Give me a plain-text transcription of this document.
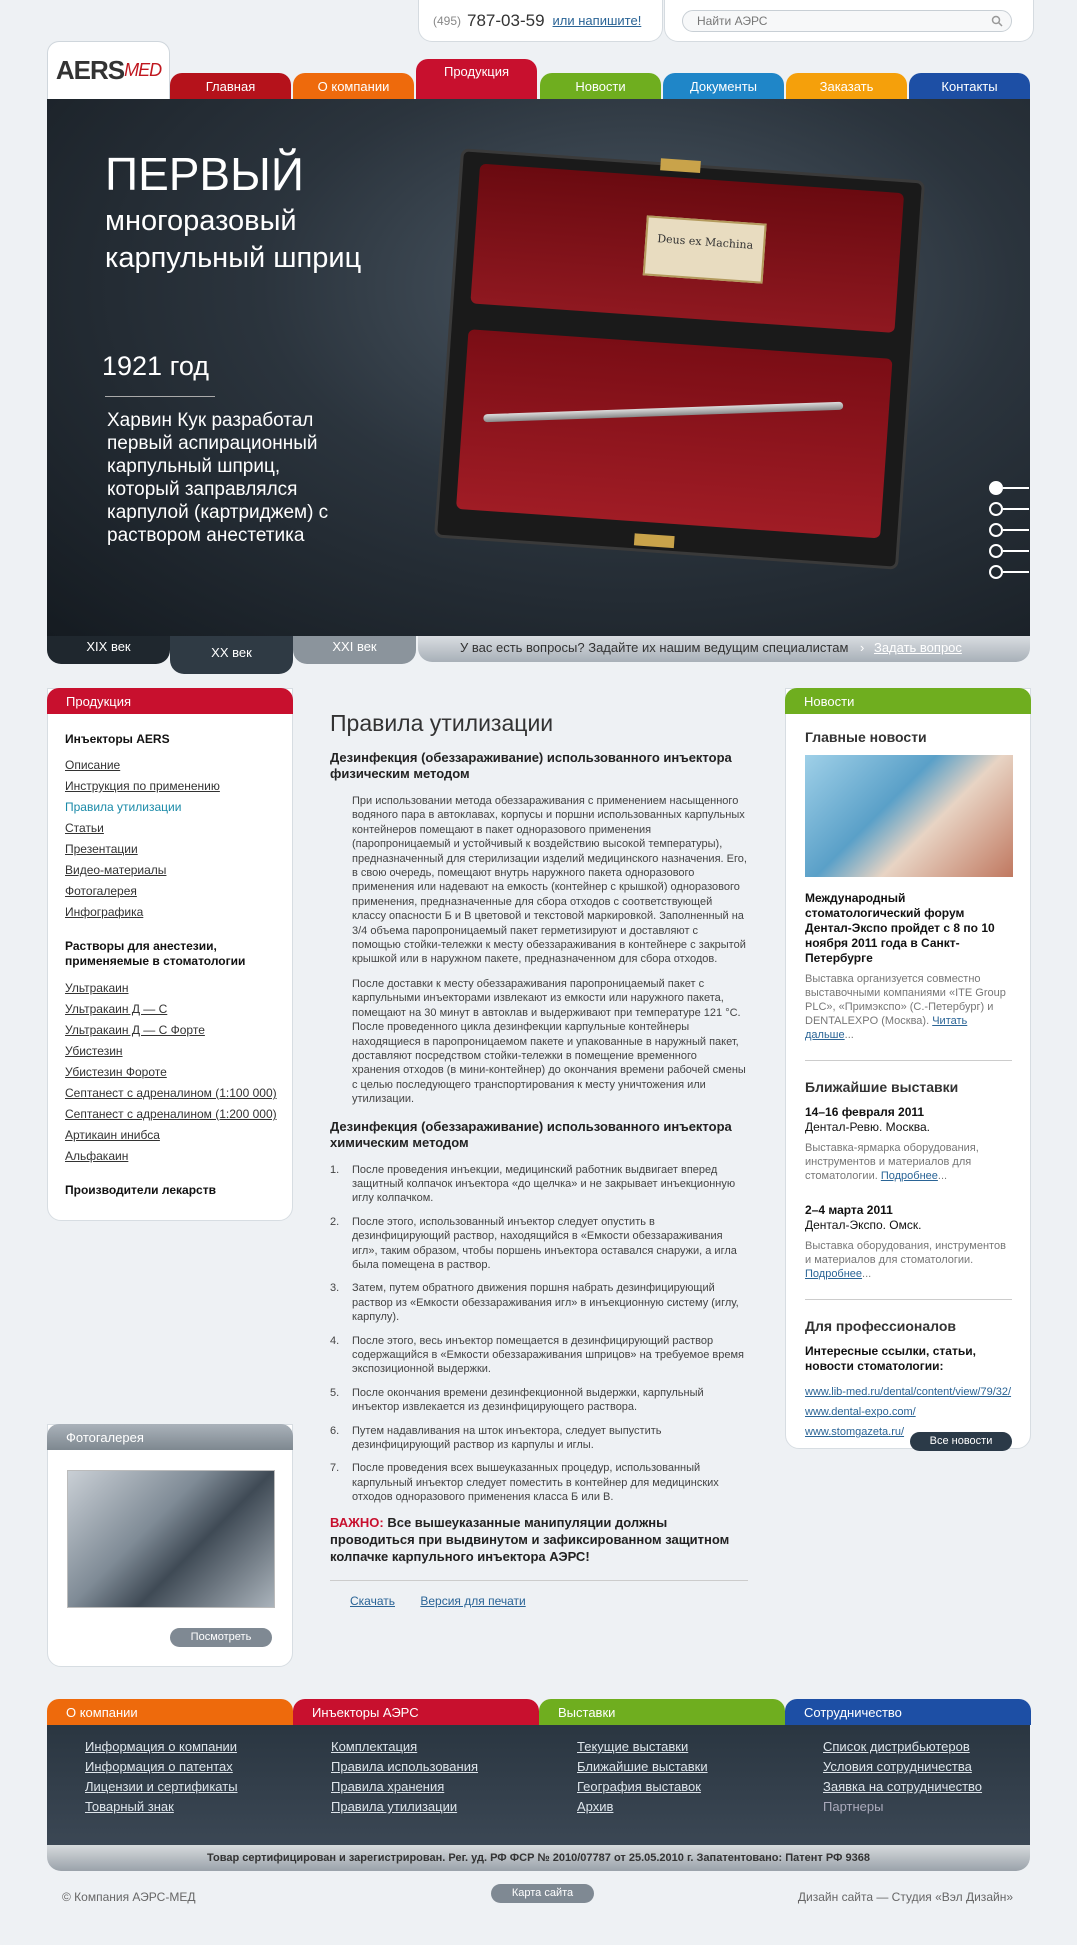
(495) 787-03-59 или напишите!	Найти АЭРС
AERS MED
Главная	О компании
Продукция
Новости	Документы	Заказать	Контакты
ПЕРВЫЙ
многоразовый карпульный шприц
1921 год
Харвин Кук разработал первый аспирационный карпульный шприц, который заправлялся карпулой (картриджем) с раствором анестетика
Deus ex Machina
XIX век	XX век	XXI век	У вас есть вопросы? Задайте их нашим ведущим специалистам › Задать вопрос
Продукция
Инъекторы AERS
Описание
Инструкция по применению
Правила утилизации
Статьи
Презентации
Видео-материалы
Фотогалерея
Инфографика
Растворы для анестезии, применяемые в стоматологии
Ультракаин
Ультракаин Д — С
Ультракаин Д — С Форте
Убистезин
Убистезин Фороте
Септанест с адреналином (1:100 000)
Септанест с адреналином (1:200 000)
Артикаин инибса
Альфакаин
Производители лекарств
Фотогалерея
Посмотреть
Правила утилизации
Дезинфекция (обеззараживание) использованного инъектора физическим методом

При использовании метода обеззараживания с применением насыщенного водяного пара в автоклавах, корпусы и поршни использованных карпульных контейнеров помещают в пакет одноразового применения (паропроницаемый и устойчивый к воздействию высокой температуры), предназначенный для стерилизации изделий медицинского назначения. Его, в свою очередь, помещают внутрь наружного пакета одноразового применения или надевают на емкость (контейнер с крышкой) одноразового применения, предназначенные для сбора отходов с соответствующей классу опасности Б и В цветовой и текстовой маркировкой. Заполненный на 3/4 объема паропроницаемый пакет герметизируют и доставляют с помощью стойки-тележки к месту обеззараживания в контейнере с закрытой крышкой или в наружном пакете, предназначенном для сбора отходов.

После доставки к месту обеззараживания паропроницаемый пакет с карпульными инъекторами извлекают из емкости или наружного пакета, помещают на 30 минут в автоклав и выдерживают при температуре 121 °С. После проведенного цикла дезинфекции карпульные контейнеры находящиеся в паропроницаемом пакете и упакованные в наружный пакет, доставляют посредством стойки-тележки в помещение временного хранения отходов (в мини-контейнер) до окончания времени рабочей смены с целью последующего транспортирования к месту уничтожения или утилизации.

Дезинфекция (обеззараживание) использованного инъектора химическим методом
1.	После проведения инъекции, медицинский работник выдвигает вперед защитный колпачок инъектора «до щелчка» и не закрывает инъекционную иглу колпачком.
2.	После этого, использованный инъектор следует опустить в дезинфицирующий раствор, находящийся в «Емкости обеззараживания игл», таким образом, чтобы поршень инъектора оставался снаружи, а игла была помещена в раствор.
3.	Затем, путем обратного движения поршня набрать дезинфицирующий раствор из «Емкости обеззараживания игл» в инъекционную систему (иглу, карпулу).
4.	После этого, весь инъектор помещается в дезинфицирующий раствор содержащийся в «Емкости обеззараживания шприцов» на требуемое время экспозиционной выдержки.
5.	После окончания времени дезинфекционной выдержки, карпульный инъектор извлекается из дезинфицирующего раствора.
6.	Путем надавливания на шток инъектора, следует выпустить дезинфицирующий раствор из карпулы и иглы.
7.	После проведения всех вышеуказанных процедур, использованный карпульный инъектор следует поместить в контейнер для медицинских отходов одноразового применения класса Б или В.
ВАЖНО: Все вышеуказанные манипуляции должны проводиться при выдвинутом и зафиксированном защитном колпачке карпульного инъектора АЭРС!
Скачать Версия для печати
Новости
Главные новости
Международный стоматологический форум Дентал-Экспо пройдет с 8 по 10 ноября 2011 года в Санкт-Петербурге
Выставка организуется совместно выставочными компаниями «ITE Group PLC», «Примэкспо» (С.-Петербург) и DENTALEXPO (Москва). Читать дальше...
Ближайшие выставки
14–16 февраля 2011
Дентал-Ревю. Москва.
Выставка-ярмарка оборудования, инструментов и материалов для стоматологии. Подробнее...
2–4 марта 2011
Дентал-Экспо. Омск.
Выставка оборудования, инструментов и материалов для стоматологии. Подробнее...
Для профессионалов
Интересные ссылки, статьи, новости стоматологии:
www.lib-med.ru/dental/content/view/79/32/
www.dental-expo.com/
www.stomgazeta.ru/
Все новости
О компании	Инъекторы АЭРС	Выставки	Сотрудничество
Информация о компании
Информация о патентах
Лицензии и сертификаты
Товарный знак
Комплектация
Правила использования
Правила хранения
Правила утилизации
Текущие выставки
Ближайшие выставки
География выставок
Архив
Список дистрибьютеров
Условия сотрудничества
Заявка на сотрудничество
Партнеры
Товар сертифицирован и зарегистрирован. Рег. уд. РФ ФСР № 2010/07787 от 25.05.2010 г. Запатентовано: Патент РФ 9368
© Компания АЭРС-МЕД	Карта сайта	Дизайн сайта — Студия «Вэл Дизайн»
